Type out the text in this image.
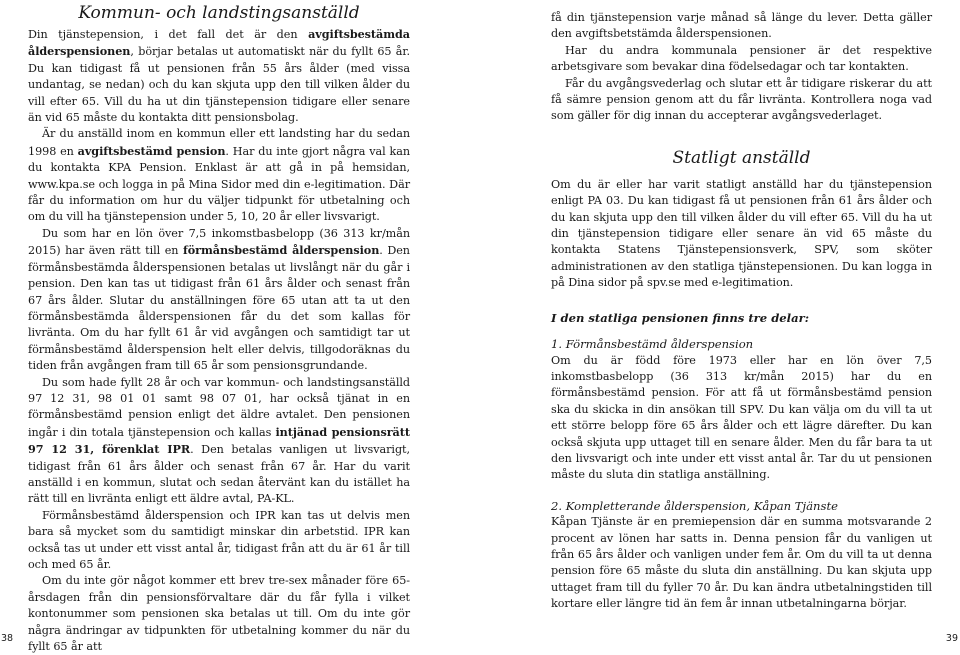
Kommun- och landstingsanställd

Din tjänstepension, i det fall det är den avgiftsbestämda ålderspensionen, börjar betalas ut automatiskt när du fyllt 65 år. Du kan tidigast få ut pensionen från 55 års ålder (med vissa undantag, se nedan) och du kan skjuta upp den till vilken ålder du vill efter 65. Vill du ha ut din tjänstepension tidigare eller senare än vid 65 måste du kontakta ditt pensionsbolag.

Är du anställd inom en kommun eller ett landsting har du sedan 1998 en avgiftsbestämd pension. Har du inte gjort några val kan du kontakta KPA Pension. Enklast är att gå in på hemsidan, www.kpa.se och logga in på Mina Sidor med din e-legitimation. Där får du information om hur du väljer tidpunkt för utbetalning och om du vill ha tjänstepension under 5, 10, 20 år eller livsvarigt.

Du som har en lön över 7,5 inkomstbasbelopp (36 313 kr/mån 2015) har även rätt till en förmånsbestämd ålderspension. Den förmånsbestämda ålderspensionen betalas ut livslångt när du går i pension. Den kan tas ut tidigast från 61 års ålder och senast från 67 års ålder. Slutar du anställningen före 65 utan att ta ut den förmånsbestämda ålderspensionen får du det som kallas för livränta. Om du har fyllt 61 år vid avgången och samtidigt tar ut förmånsbestämd ålderspension helt eller delvis, tillgodoräknas du tiden från avgången fram till 65 år som pensionsgrundande.

Du som hade fyllt 28 år och var kommun- och landstingsanställd 97 12 31, 98 01 01 samt 98 07 01, har också tjänat in en förmånsbestämd pension enligt det äldre avtalet. Den pensionen ingår i din totala tjänstepension och kallas intjänad pensionsrätt 97 12 31, förenklat IPR. Den betalas vanligen ut livsvarigt, tidigast från 61 års ålder och senast från 67 år. Har du varit anställd i en kommun, slutat och sedan återvänt kan du istället ha rätt till en livränta enligt ett äldre avtal, PA-KL.

Förmånsbestämd ålderspension och IPR kan tas ut delvis men bara så mycket som du samtidigt minskar din arbetstid. IPR kan också tas ut under ett visst antal år, tidigast från att du är 61 år till och med 65 år.

Om du inte gör något kommer ett brev tre-sex månader före 65-årsdagen från din pensionsförvaltare där du får fylla i vilket kontonummer som pensionen ska betalas ut till. Om du inte gör några ändringar av tidpunkten för utbetalning kommer du när du fyllt 65 år att

38

få din tjänstepension varje månad så länge du lever. Detta gäller den avgiftsbetstämda ålderspensionen.

Har du andra kommunala pensioner är det respektive arbetsgivare som bevakar dina födelsedagar och tar kontakten.

Får du avgångsvederlag och slutar ett år tidigare riskerar du att få sämre pension genom att du får livränta. Kontrollera noga vad som gäller för dig innan du accepterar avgångsvederlaget.

Statligt anställd

Om du är eller har varit statligt anställd har du tjänstepension enligt PA 03. Du kan tidigast få ut pensionen från 61 års ålder och du kan skjuta upp den till vilken ålder du vill efter 65. Vill du ha ut din tjänstepension tidigare eller senare än vid 65 måste du kontakta Statens Tjänstepensionsverk, SPV, som sköter administrationen av den statliga tjänstepensionen. Du kan logga in på Dina sidor på spv.se med e-legitimation.

I den statliga pensionen finns tre delar:
1. Förmånsbestämd ålderspension

Om du är född före 1973 eller har en lön över 7,5 inkomstbasbelopp (36 313 kr/mån 2015) har du en förmånsbestämd pension. För att få ut förmånsbestämd pension ska du skicka in din ansökan till SPV. Du kan välja om du vill ta ut ett större belopp före 65 års ålder och ett lägre därefter. Du kan också skjuta upp uttaget till en senare ålder. Men du får bara ta ut den livsvarigt och inte under ett visst antal år. Tar du ut pensionen måste du sluta din statliga anställning.

2. Kompletterande ålderspension, Kåpan Tjänste

Kåpan Tjänste är en premiepension där en summa motsvarande 2 procent av lönen har satts in. Denna pension får du vanligen ut från 65 års ålder och vanligen under fem år. Om du vill ta ut denna pension före 65 måste du sluta din anställning. Du kan skjuta upp uttaget fram till du fyller 70 år. Du kan ändra utbetalningstiden till kortare eller längre tid än fem år innan utbetalningarna börjar.

39
